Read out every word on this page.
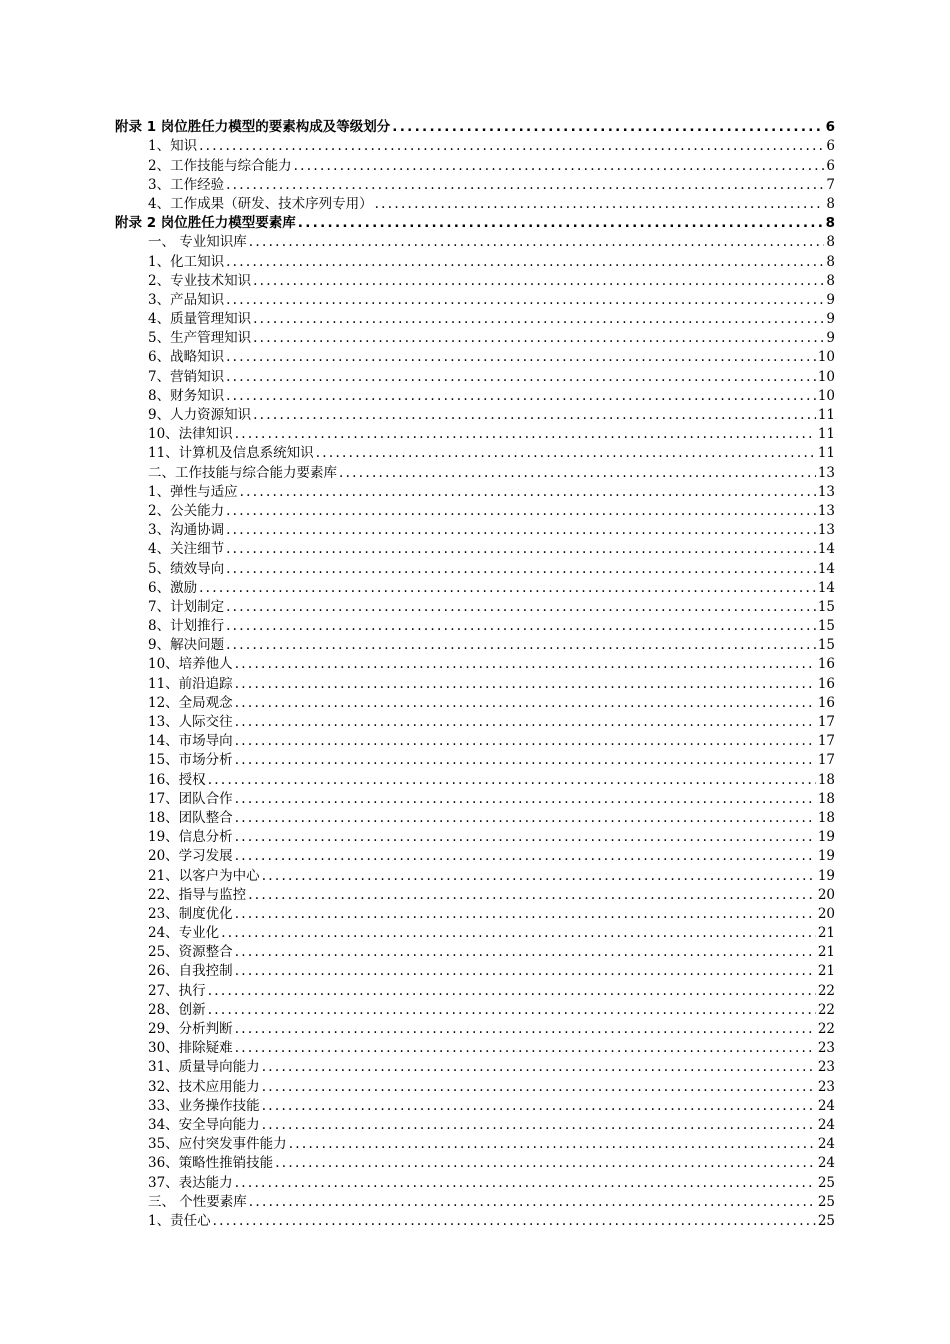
附录 1 岗位胜任力模型的要素构成及等级划分 .....	6
1、知识 .....	6
2、工作技能与综合能力 .....	6
3、工作经验 .....	7
4、工作成果（研发、技术序列专用） .....	8
附录 2 岗位胜任力模型要素库 .....	8
一、 专业知识库 .....	8
1、化工知识 .....	8
2、专业技术知识 .....	8
3、产品知识 .....	9
4、质量管理知识 .....	9
5、生产管理知识 .....	9
6、战略知识 .....	10
7、营销知识 .....	10
8、财务知识 .....	10
9、人力资源知识 .....	11
10、法律知识 .....	11
11、计算机及信息系统知识 .....	11
二、工作技能与综合能力要素库 .....	13
1、弹性与适应 .....	13
2、公关能力 .....	13
3、沟通协调 .....	13
4、关注细节 .....	14
5、绩效导向 .....	14
6、激励 .....	14
7、计划制定 .....	15
8、计划推行 .....	15
9、解决问题 .....	15
10、培养他人 .....	16
11、前沿追踪 .....	16
12、全局观念 .....	16
13、人际交往 .....	17
14、市场导向 .....	17
15、市场分析 .....	17
16、授权 .....	18
17、团队合作 .....	18
18、团队整合 .....	18
19、信息分析 .....	19
20、学习发展 .....	19
21、以客户为中心 .....	19
22、指导与监控 .....	20
23、制度优化 .....	20
24、专业化 .....	21
25、资源整合 .....	21
26、自我控制 .....	21
27、执行 .....	22
28、创新 .....	22
29、分析判断 .....	22
30、排除疑难 .....	23
31、质量导向能力 .....	23
32、技术应用能力 .....	23
33、业务操作技能 .....	24
34、安全导向能力 .....	24
35、应付突发事件能力 .....	24
36、策略性推销技能 .....	24
37、表达能力 .....	25
三、 个性要素库 .....	25
1、责任心 .....	25
